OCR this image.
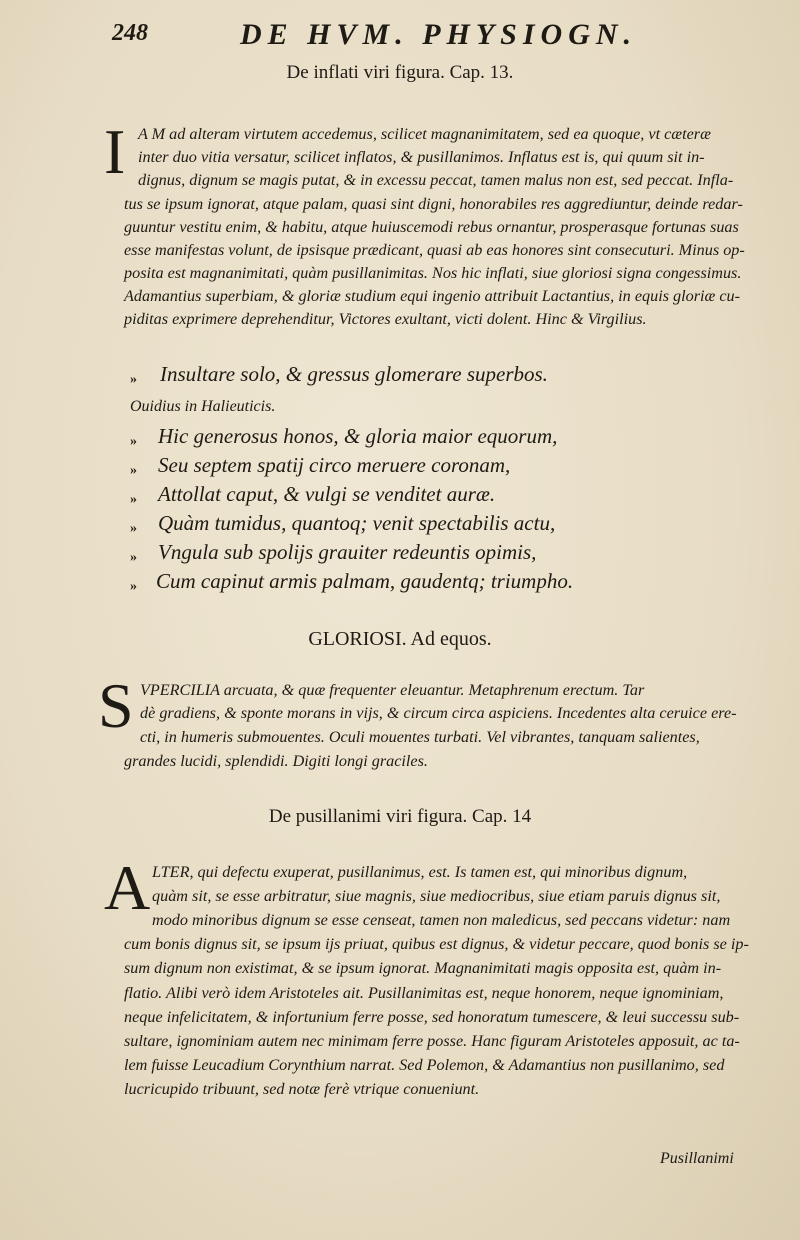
248	DE HVM. PHYSIOGN.
De inflati viri figura. Cap. 13.
I A M ad alteram virtutem accedemus, scilicet magnanimitatem, sed ea quoque, vt cæteræ
inter duo vitia versatur, scilicet inflatos, & pusillanimos. Inflatus est is, qui quum sit in-
dignus, dignum se magis putat, & in excessu peccat, tamen malus non est, sed peccat. Infla-
tus se ipsum ignorat, atque palam, quasi sint digni, honorabiles res aggrediuntur, deinde redar-
guuntur vestitu enim, & habitu, atque huiuscemodi rebus ornantur, prosperasque fortunas suas
esse manifestas volunt, de ipsisque prædicant, quasi ab eas honores sint consecuturi. Minus op-
posita est magnanimitati, quàm pusillanimitas. Nos hic inflati, siue gloriosi signa congessimus.
Adamantius superbiam, & gloriæ studium equi ingenio attribuit Lactantius, in equis gloriæ cu-
piditas exprimere deprehenditur, Victores exultant, victi dolent. Hinc & Virgilius.
» Insultare solo, & gressus glomerare superbos.
Ouidius in Halieuticis.
» Hic generosus honos, & gloria maior equorum,
» Seu septem spatij circo meruere coronam,
» Attollat caput, & vulgi se venditet auræ.
» Quàm tumidus, quantoq; venit spectabilis actu,
» Vngula sub spolijs grauiter redeuntis opimis,
» Cum capinut armis palmam, gaudentq; triumpho.
GLORIOSI. Ad equos.
S VPERCILIA arcuata, & quæ frequenter eleuantur. Metaphrenum erectum. Tar
dè gradiens, & sponte morans in vijs, & circum circa aspiciens. Incedentes alta ceruice ere-
cti, in humeris submouentes. Oculi mouentes turbati. Vel vibrantes, tanquam salientes,
grandes lucidi, splendidi. Digiti longi graciles.
De pusillanimi viri figura. Cap. 14
A LTER, qui defectu exuperat, pusillanimus, est. Is tamen est, qui minoribus dignum,
quàm sit, se esse arbitratur, siue magnis, siue mediocribus, siue etiam paruis dignus sit,
modo minoribus dignum se esse censeat, tamen non maledicus, sed peccans videtur: nam
cum bonis dignus sit, se ipsum ijs priuat, quibus est dignus, & videtur peccare, quod bonis se ip-
sum dignum non existimat, & se ipsum ignorat. Magnanimitati magis opposita est, quàm in-
flatio. Alibi verò idem Aristoteles ait. Pusillanimitas est, neque honorem, neque ignominiam,
neque infelicitatem, & infortunium ferre posse, sed honoratum tumescere, & leui successu sub-
sultare, ignominiam autem nec minimam ferre posse. Hanc figuram Aristoteles apposuit, ac ta-
lem fuisse Leucadium Corynthium narrat. Sed Polemon, & Adamantius non pusillanimo, sed
lucricupido tribuunt, sed notæ ferè vtrique conueniunt.
Pusillanimi
